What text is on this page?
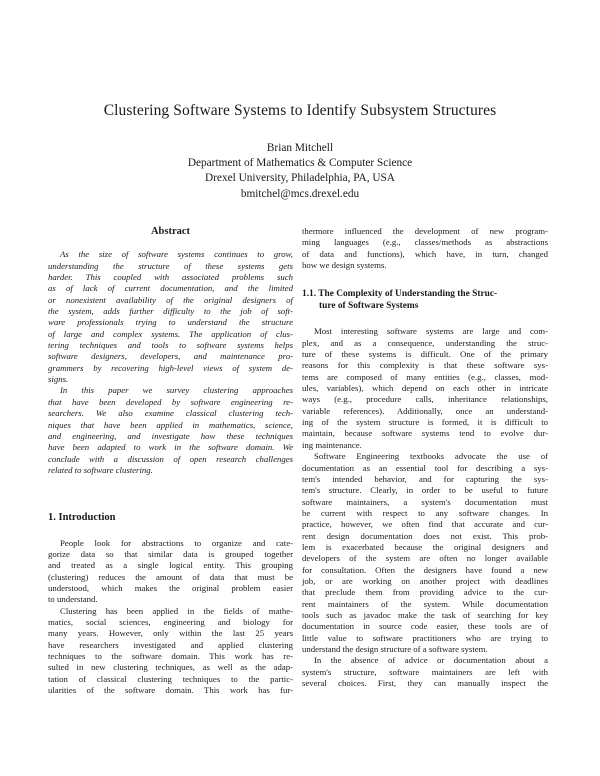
Clustering Software Systems to Identify Subsystem Structures
Brian Mitchell
Department of Mathematics & Computer Science
Drexel University, Philadelphia, PA, USA
bmitchel@mcs.drexel.edu
Abstract
As the size of software systems continues to grow,
understanding the structure of these systems gets
harder. This coupled with associated problems such
as of lack of current documentation, and the limited
or nonexistent availability of the original designers of
the system, adds further difficulty to the job of soft-
ware professionals trying to understand the structure
of large and complex systems. The application of clus-
tering techniques and tools to software systems helps
software designers, developers, and maintenance pro-
grammers by recovering high-level views of system de-
signs.
In this paper we survey clustering approaches
that have been developed by software engineering re-
searchers. We also examine classical clustering tech-
niques that have been applied in mathematics, science,
and engineering, and investigate how these techniques
have been adapted to work in the software domain. We
conclude with a discussion of open research challenges
related to software clustering.
1. Introduction
People look for abstractions to organize and cate-
gorize data so that similar data is grouped together
and treated as a single logical entity. This grouping
(clustering) reduces the amount of data that must be
understood, which makes the original problem easier
to understand.
Clustering has been applied in the fields of mathe-
matics, social sciences, engineering and biology for
many years. However, only within the last 25 years
have researchers investigated and applied clustering
techniques to the software domain. This work has re-
sulted in new clustering techniques, as well as the adap-
tation of classical clustering techniques to the partic-
ularities of the software domain. This work has fur-
thermore influenced the development of new program-
ming languages (e.g., classes/methods as abstractions
of data and functions), which have, in turn, changed
how we design systems.
1.1. The Complexity of Understanding the Struc-
ture of Software Systems
Most interesting software systems are large and com-
plex, and as a consequence, understanding the struc-
ture of these systems is difficult. One of the primary
reasons for this complexity is that these software sys-
tems are composed of many entities (e.g., classes, mod-
ules, variables), which depend on each other in intricate
ways (e.g., procedure calls, inheritance relationships,
variable references). Additionally, once an understand-
ing of the system structure is formed, it is difficult to
maintain, because software systems tend to evolve dur-
ing maintenance.
Software Engineering textbooks advocate the use of
documentation as an essential tool for describing a sys-
tem's intended behavior, and for capturing the sys-
tem's structure. Clearly, in order to be useful to future
software maintainers, a system's documentation must
be current with respect to any software changes. In
practice, however, we often find that accurate and cur-
rent design documentation does not exist. This prob-
lem is exacerbated because the original designers and
developers of the system are often no longer available
for consultation. Often the designers have found a new
job, or are working on another project with deadlines
that preclude them from providing advice to the cur-
rent maintainers of the system. While documentation
tools such as javadoc make the task of searching for key
documentation in source code easier, these tools are of
little value to software practitioners who are trying to
understand the design structure of a software system.
In the absence of advice or documentation about a
system's structure, software maintainers are left with
several choices. First, they can manually inspect the
